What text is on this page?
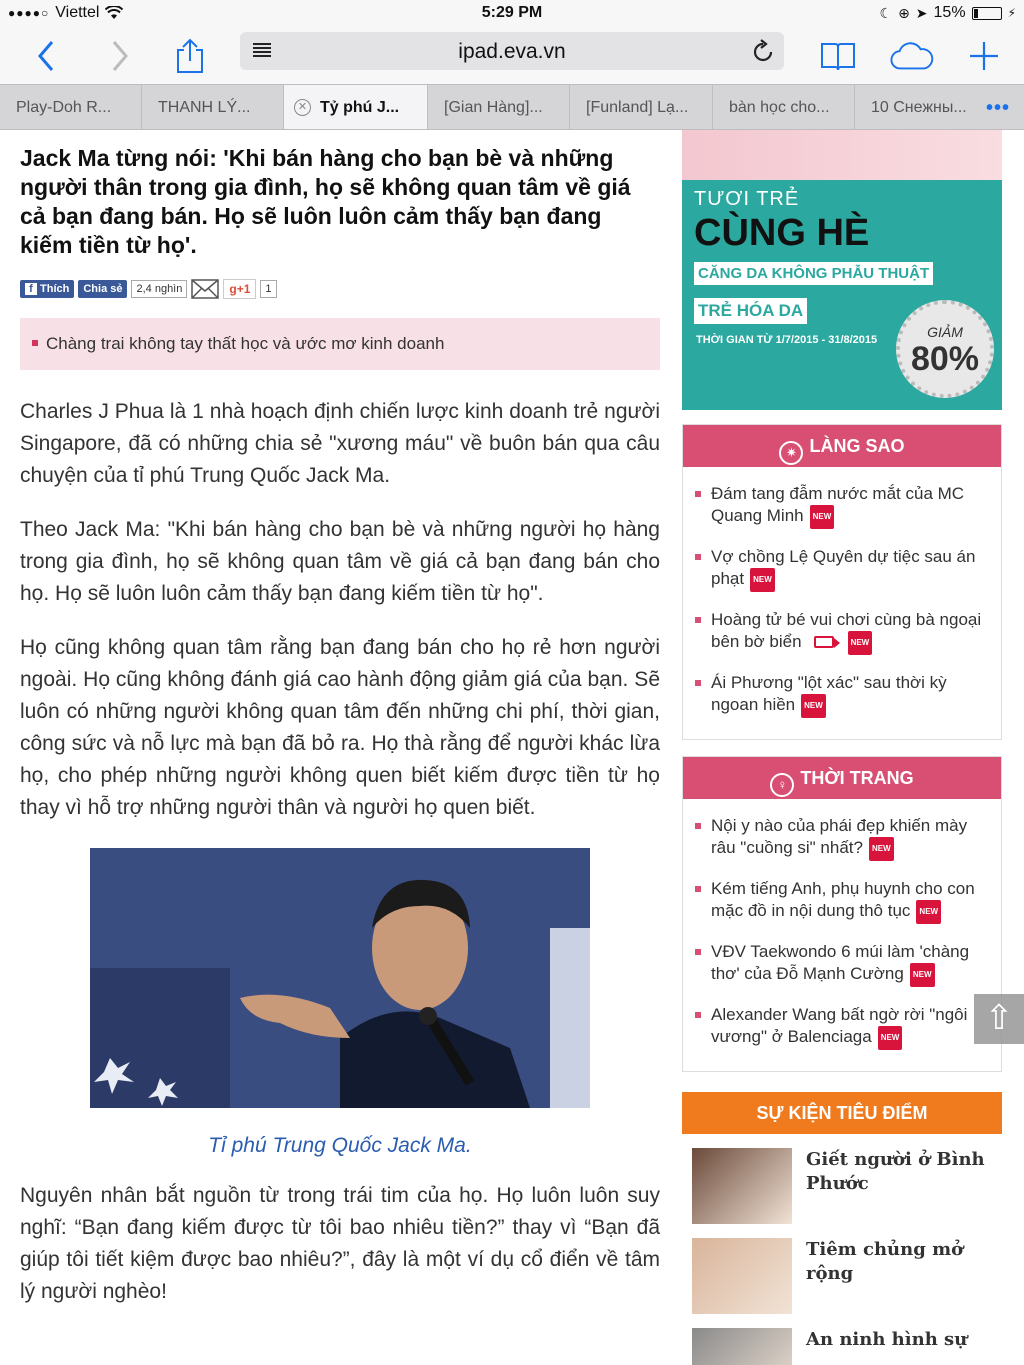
●●●●○ Viettel	5:29 PM	☾ ⊕ ➤ 15%	⚡
ipad.eva.vn
Play-Doh R...	THANH LÝ...	✕ Tỷ phú J...	[Gian Hàng]...	[Funland] Lạ...	bàn học cho...	10 Снежны... •••
Jack Ma từng nói: 'Khi bán hàng cho bạn bè và những người thân trong gia đình, họ sẽ không quan tâm về giá cả bạn đang bán. Họ sẽ luôn luôn cảm thấy bạn đang kiếm tiền từ họ'.
f Thích Chia sẻ	2,4 nghìn	g+1	1
Chàng trai không tay thất học và ước mơ kinh doanh

Charles J Phua là 1 nhà hoạch định chiến lược kinh doanh trẻ người Singapore, đã có những chia sẻ "xương máu" về buôn bán qua câu chuyện của tỉ phú Trung Quốc Jack Ma.

Theo Jack Ma: "Khi bán hàng cho bạn bè và những người họ hàng trong gia đình, họ sẽ không quan tâm về giá cả bạn đang bán cho họ. Họ sẽ luôn luôn cảm thấy bạn đang kiếm tiền từ họ".

Họ cũng không quan tâm rằng bạn đang bán cho họ rẻ hơn người ngoài. Họ cũng không đánh giá cao hành động giảm giá của bạn. Sẽ luôn có những người không quan tâm đến những chi phí, thời gian, công sức và nỗ lực mà bạn đã bỏ ra. Họ thà rằng để người khác lừa họ, cho phép những người không quen biết kiếm được tiền từ họ thay vì hỗ trợ những người thân và người họ quen biết.

Tỉ phú Trung Quốc Jack Ma.

Nguyên nhân bắt nguồn từ trong trái tim của họ. Họ luôn luôn suy nghĩ: “Bạn đang kiếm được từ tôi bao nhiêu tiền?” thay vì “Bạn đã giúp tôi tiết kiệm được bao nhiêu?”, đây là một ví dụ cổ điển về tâm lý người nghèo!

TƯƠI TRẺ
CÙNG HÈ
CĂNG DA KHÔNG PHẪU THUẬT
TRẺ HÓA DA
THỜI GIAN TỪ 1/7/2015 - 31/8/2015	GIẢM
80%
✷ LÀNG SAO
Đám tang đẫm nước mắt của MC Quang Minh NEW
Vợ chồng Lệ Quyên dự tiệc sau án phạt NEW
Hoàng tử bé vui chơi cùng bà ngoại bên bờ biển	NEW
Ái Phương "lột xác" sau thời kỳ ngoan hiền NEW
♀ THỜI TRANG
Nội y nào của phái đẹp khiến mày râu "cuồng si" nhất? NEW
Kém tiếng Anh, phụ huynh cho con mặc đồ in nội dung thô tục NEW
VĐV Taekwondo 6 múi làm 'chàng thơ' của Đỗ Mạnh Cường NEW
Alexander Wang bất ngờ rời "ngôi vương" ở Balenciaga NEW
SỰ KIỆN TIÊU ĐIỂM
Giết người ở Bình Phước
Tiêm chủng mở rộng
An ninh hình sự
⇧
